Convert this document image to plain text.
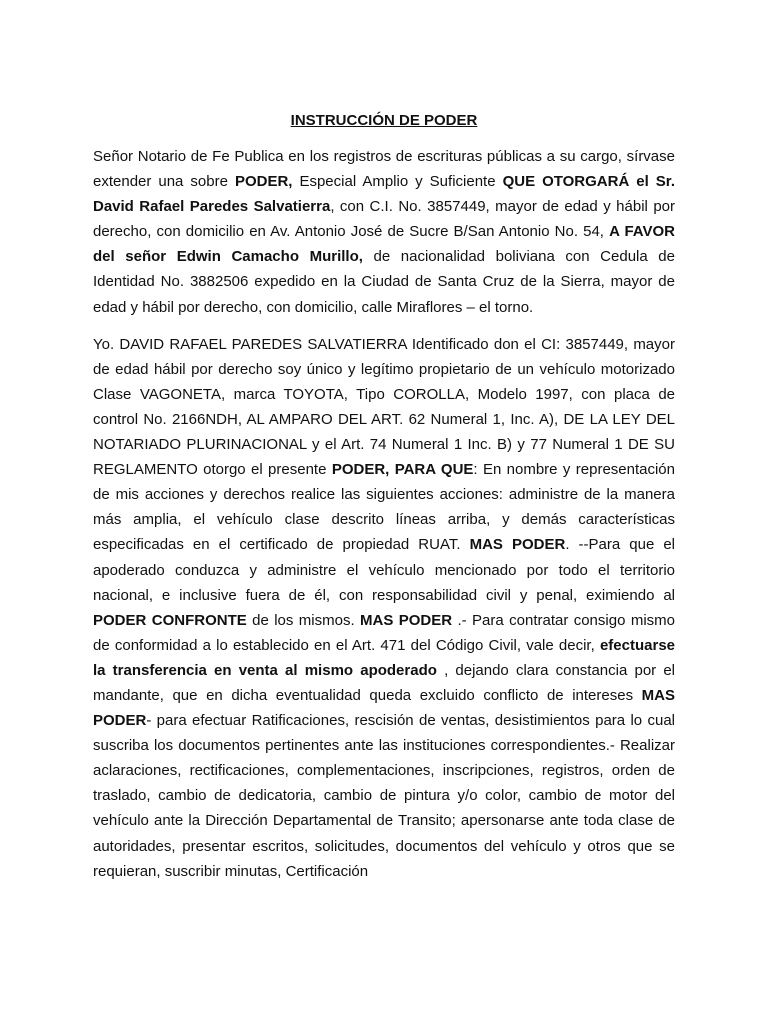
INSTRUCCIÓN DE PODER

Señor Notario de Fe Publica en los registros de escrituras públicas a su cargo, sírvase extender una sobre PODER, Especial Amplio y Suficiente QUE OTORGARÁ el Sr. David Rafael Paredes Salvatierra, con C.I. No. 3857449, mayor de edad y hábil por derecho, con domicilio en Av. Antonio José de Sucre B/San Antonio No. 54, A FAVOR del señor Edwin Camacho Murillo, de nacionalidad boliviana con Cedula de Identidad No. 3882506 expedido en la Ciudad de Santa Cruz de la Sierra, mayor de edad y hábil por derecho, con domicilio, calle Miraflores – el torno.

Yo. DAVID RAFAEL PAREDES SALVATIERRA Identificado don el CI: 3857449, mayor de edad hábil por derecho soy único y legítimo propietario de un vehículo motorizado Clase VAGONETA, marca TOYOTA, Tipo COROLLA, Modelo 1997, con placa de control No. 2166NDH, AL AMPARO DEL ART. 62 Numeral 1, Inc. A), DE LA LEY DEL NOTARIADO PLURINACIONAL y el Art. 74 Numeral 1 Inc. B) y 77 Numeral 1 DE SU REGLAMENTO otorgo el presente PODER, PARA QUE: En nombre y representación de mis acciones y derechos realice las siguientes acciones: administre de la manera más amplia, el vehículo clase descrito líneas arriba, y demás características especificadas en el certificado de propiedad RUAT. MAS PODER. --Para que el apoderado conduzca y administre el vehículo mencionado por todo el territorio nacional, e inclusive fuera de él, con responsabilidad civil y penal, eximiendo al PODER CONFRONTE de los mismos. MAS PODER .- Para contratar consigo mismo de conformidad a lo establecido en el Art. 471 del Código Civil, vale decir, efectuarse la transferencia en venta al mismo apoderado , dejando clara constancia por el mandante, que en dicha eventualidad queda excluido conflicto de intereses MAS PODER- para efectuar Ratificaciones, rescisión de ventas, desistimientos para lo cual suscriba los documentos pertinentes ante las instituciones correspondientes.- Realizar aclaraciones, rectificaciones, complementaciones, inscripciones, registros, orden de traslado, cambio de dedicatoria, cambio de pintura y/o color, cambio de motor del vehículo ante la Dirección Departamental de Transito; apersonarse ante toda clase de autoridades, presentar escritos, solicitudes, documentos del vehículo y otros que se requieran, suscribir minutas, Certificación
